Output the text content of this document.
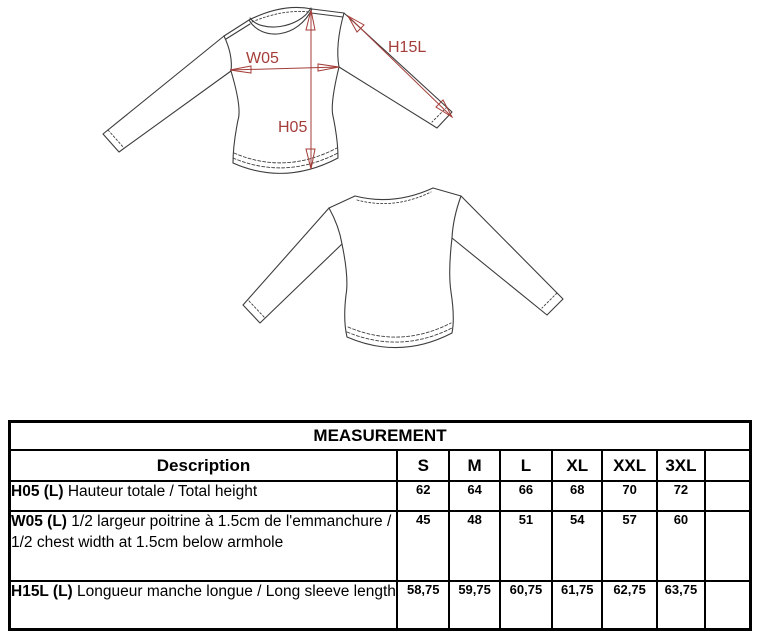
W05
H05
H15L
MEASUREMENT							
Description	S	M	L	XL	XXL	3XL	
H05 (L) Hauteur totale / Total height	62	64	66	68	70	72	
W05 (L) 1/2 largeur poitrine à 1.5cm de l'emmanchure / 1/2 chest width at 1.5cm below armhole	45	48	51	54	57	60	
H15L (L) Longueur manche longue / Long sleeve length	58,75	59,75	60,75	61,75	62,75	63,75	
